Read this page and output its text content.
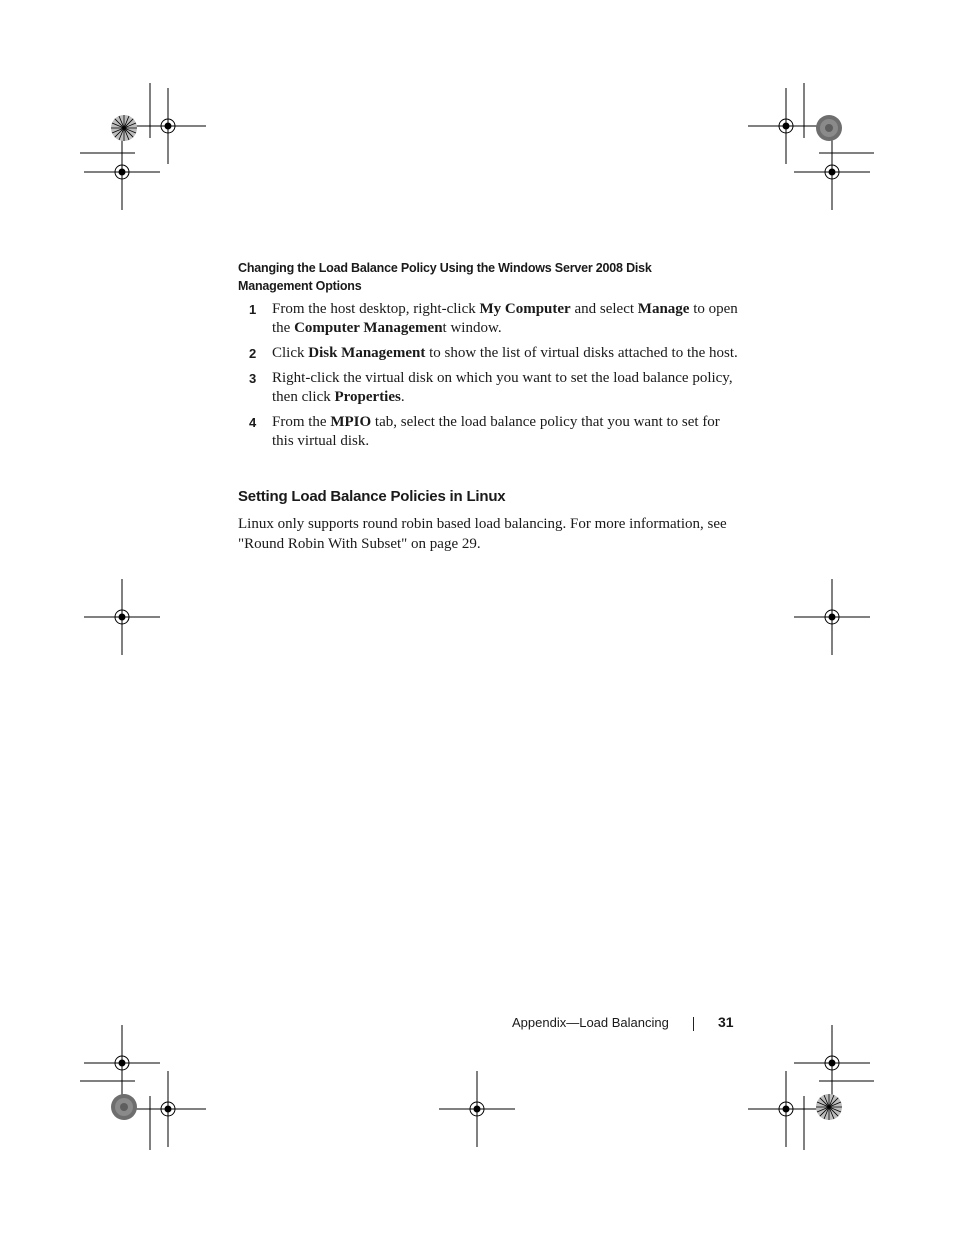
Changing the Load Balance Policy Using the Windows Server 2008 Disk Management Options
1 From the host desktop, right-click My Computer and select Manage to open the Computer Management window.
2 Click Disk Management to show the list of virtual disks attached to the host.
3 Right-click the virtual disk on which you want to set the load balance policy, then click Properties.
4 From the MPIO tab, select the load balance policy that you want to set for this virtual disk.
Setting Load Balance Policies in Linux

Linux only supports round robin based load balancing. For more information, see "Round Robin With Subset" on page 29.

Appendix—Load Balancing	31
